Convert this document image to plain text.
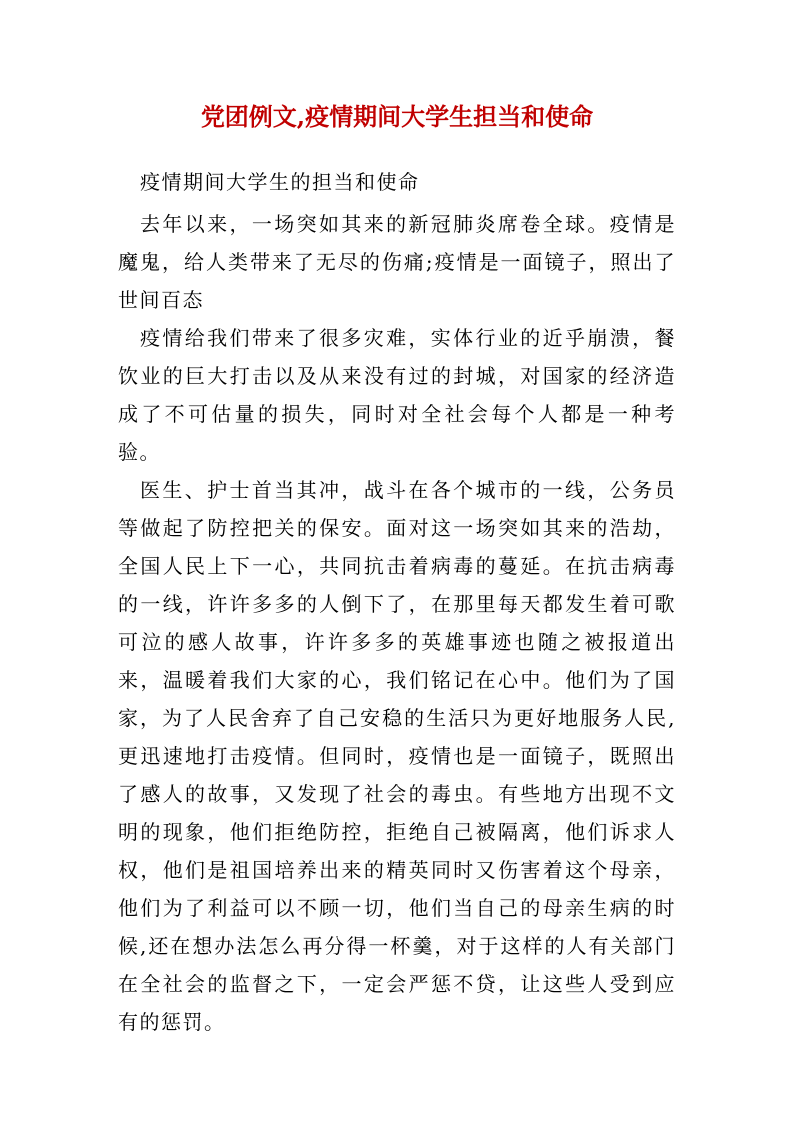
党团例文,疫情期间大学生担当和使命

疫情期间大学生的担当和使命

去年以来，一场突如其来的新冠肺炎席卷全球。疫情是魔鬼，给人类带来了无尽的伤痛;疫情是一面镜子，照出了世间百态

疫情给我们带来了很多灾难，实体行业的近乎崩溃，餐饮业的巨大打击以及从来没有过的封城，对国家的经济造成了不可估量的损失，同时对全社会每个人都是一种考验。

医生、护士首当其冲，战斗在各个城市的一线，公务员等做起了防控把关的保安。面对这一场突如其来的浩劫，全国人民上下一心，共同抗击着病毒的蔓延。在抗击病毒的一线，许许多多的人倒下了，在那里每天都发生着可歌可泣的感人故事，许许多多的英雄事迹也随之被报道出来，温暖着我们大家的心，我们铭记在心中。他们为了国家，为了人民舍弃了自己安稳的生活只为更好地服务人民,更迅速地打击疫情。但同时，疫情也是一面镜子，既照出了感人的故事，又发现了社会的毒虫。有些地方出现不文明的现象，他们拒绝防控，拒绝自己被隔离，他们诉求人权，他们是祖国培养出来的精英同时又伤害着这个母亲，他们为了利益可以不顾一切，他们当自己的母亲生病的时候,还在想办法怎么再分得一杯羹，对于这样的人有关部门在全社会的监督之下，一定会严惩不贷，让这些人受到应有的惩罚。
